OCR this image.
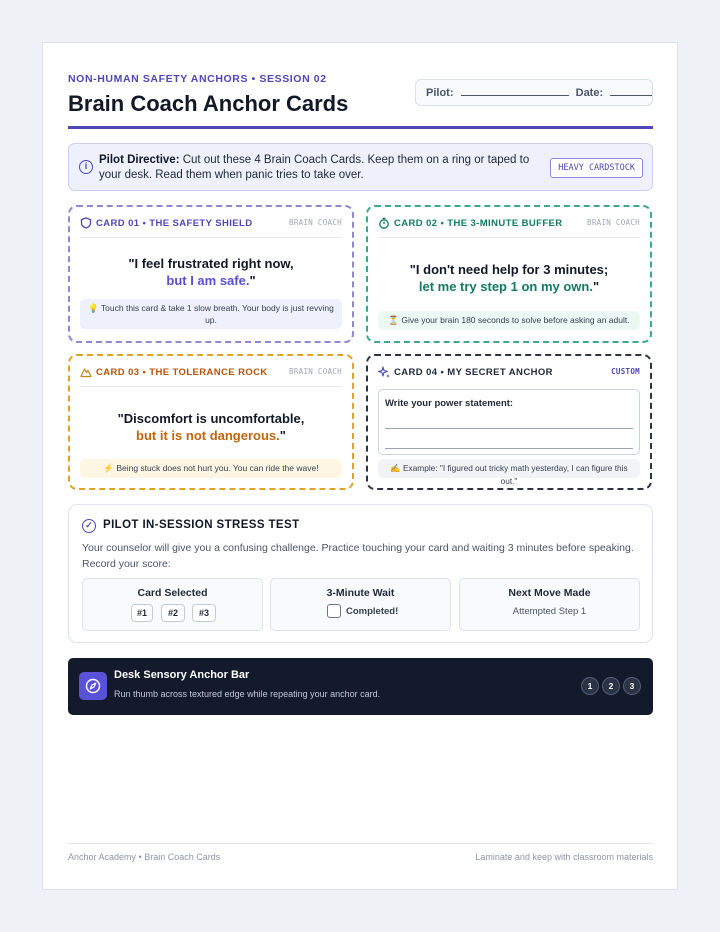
NON-HUMAN SAFETY ANCHORS • SESSION 02
Brain Coach Anchor Cards	Pilot:	Date:
i	Pilot Directive: Cut out these 4 Brain Coach Cards. Keep them on a ring or taped to your desk. Read them when panic tries to take over.
HEAVY CARDSTOCK
CARD 01 • THE SAFETY SHIELD	BRAIN COACH
"I feel frustrated right now,
but I am safe."
💡 Touch this card & take 1 slow breath. Your body is just revving up.
CARD 02 • THE 3-MINUTE BUFFER	BRAIN COACH
"I don't need help for 3 minutes;
let me try step 1 on my own."
⏳ Give your brain 180 seconds to solve before asking an adult.
CARD 03 • THE TOLERANCE ROCK	BRAIN COACH
"Discomfort is uncomfortable,
but it is not dangerous."
⚡ Being stuck does not hurt you. You can ride the wave!
CARD 04 • MY SECRET ANCHOR	CUSTOM
Write your power statement:
✍️ Example: "I figured out tricky math yesterday, I can figure this out."
✓ PILOT IN-SESSION STRESS TEST
Your counselor will give you a confusing challenge. Practice touching your card and waiting 3 minutes before speaking. Record your score:
Card Selected
#1	#2	#3
3-Minute Wait
Completed!
Next Move Made
Attempted Step 1
Desk Sensory Anchor Bar
Run thumb across textured edge while repeating your anchor card.
1	2	3
Anchor Academy • Brain Coach Cards	Laminate and keep with classroom materials
